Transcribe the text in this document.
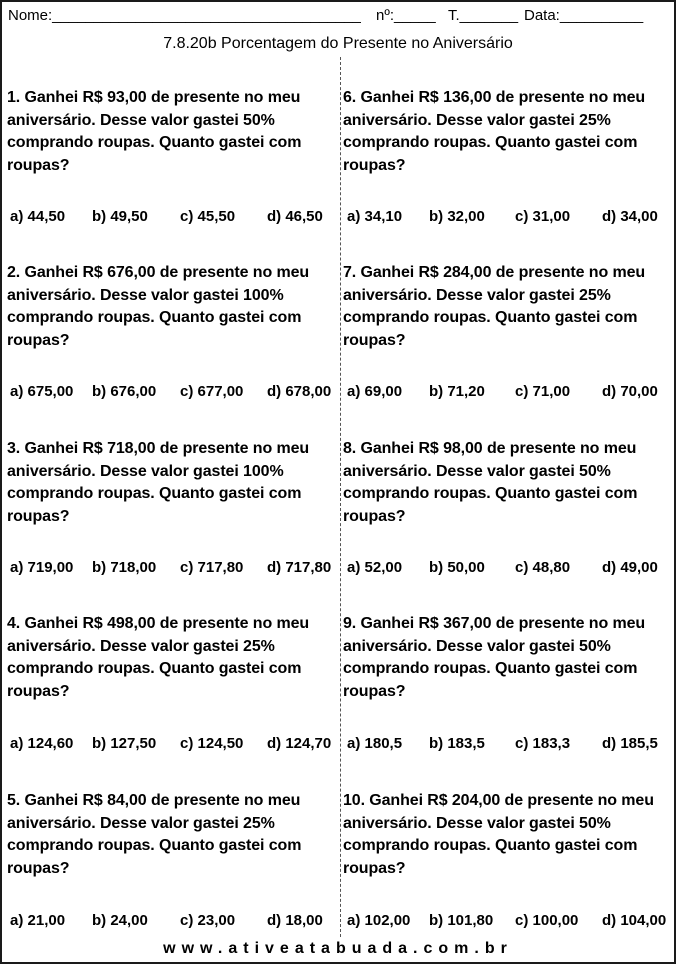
Nome:_____________________________________ nº:_____ T._______ Data:__________
7.8.20b Porcentagem do Presente no Aniversário
1. Ganhei R$ 93,00 de presente no meu aniversário. Desse valor gastei 50% comprando roupas. Quanto gastei com roupas?
a) 44,50 b) 49,50 c) 45,50 d) 46,50
2. Ganhei R$ 676,00 de presente no meu aniversário. Desse valor gastei 100% comprando roupas. Quanto gastei com roupas?
a) 675,00 b) 676,00 c) 677,00 d) 678,00
3. Ganhei R$ 718,00 de presente no meu aniversário. Desse valor gastei 100% comprando roupas. Quanto gastei com roupas?
a) 719,00 b) 718,00 c) 717,80 d) 717,80
4. Ganhei R$ 498,00 de presente no meu aniversário. Desse valor gastei 25% comprando roupas. Quanto gastei com roupas?
a) 124,60 b) 127,50 c) 124,50 d) 124,70
5. Ganhei R$ 84,00 de presente no meu aniversário. Desse valor gastei 25% comprando roupas. Quanto gastei com roupas?
a) 21,00 b) 24,00 c) 23,00 d) 18,00
6. Ganhei R$ 136,00 de presente no meu aniversário. Desse valor gastei 25% comprando roupas. Quanto gastei com roupas?
a) 34,10 b) 32,00 c) 31,00 d) 34,00
7. Ganhei R$ 284,00 de presente no meu aniversário. Desse valor gastei 25% comprando roupas. Quanto gastei com roupas?
a) 69,00 b) 71,20 c) 71,00 d) 70,00
8. Ganhei R$ 98,00 de presente no meu aniversário. Desse valor gastei 50% comprando roupas. Quanto gastei com roupas?
a) 52,00 b) 50,00 c) 48,80 d) 49,00
9. Ganhei R$ 367,00 de presente no meu aniversário. Desse valor gastei 50% comprando roupas. Quanto gastei com roupas?
a) 180,5 b) 183,5 c) 183,3 d) 185,5
10. Ganhei R$ 204,00 de presente no meu aniversário. Desse valor gastei 50% comprando roupas. Quanto gastei com roupas?
a) 102,00 b) 101,80 c) 100,00 d) 104,00
www.ativeatabuada.com.br
